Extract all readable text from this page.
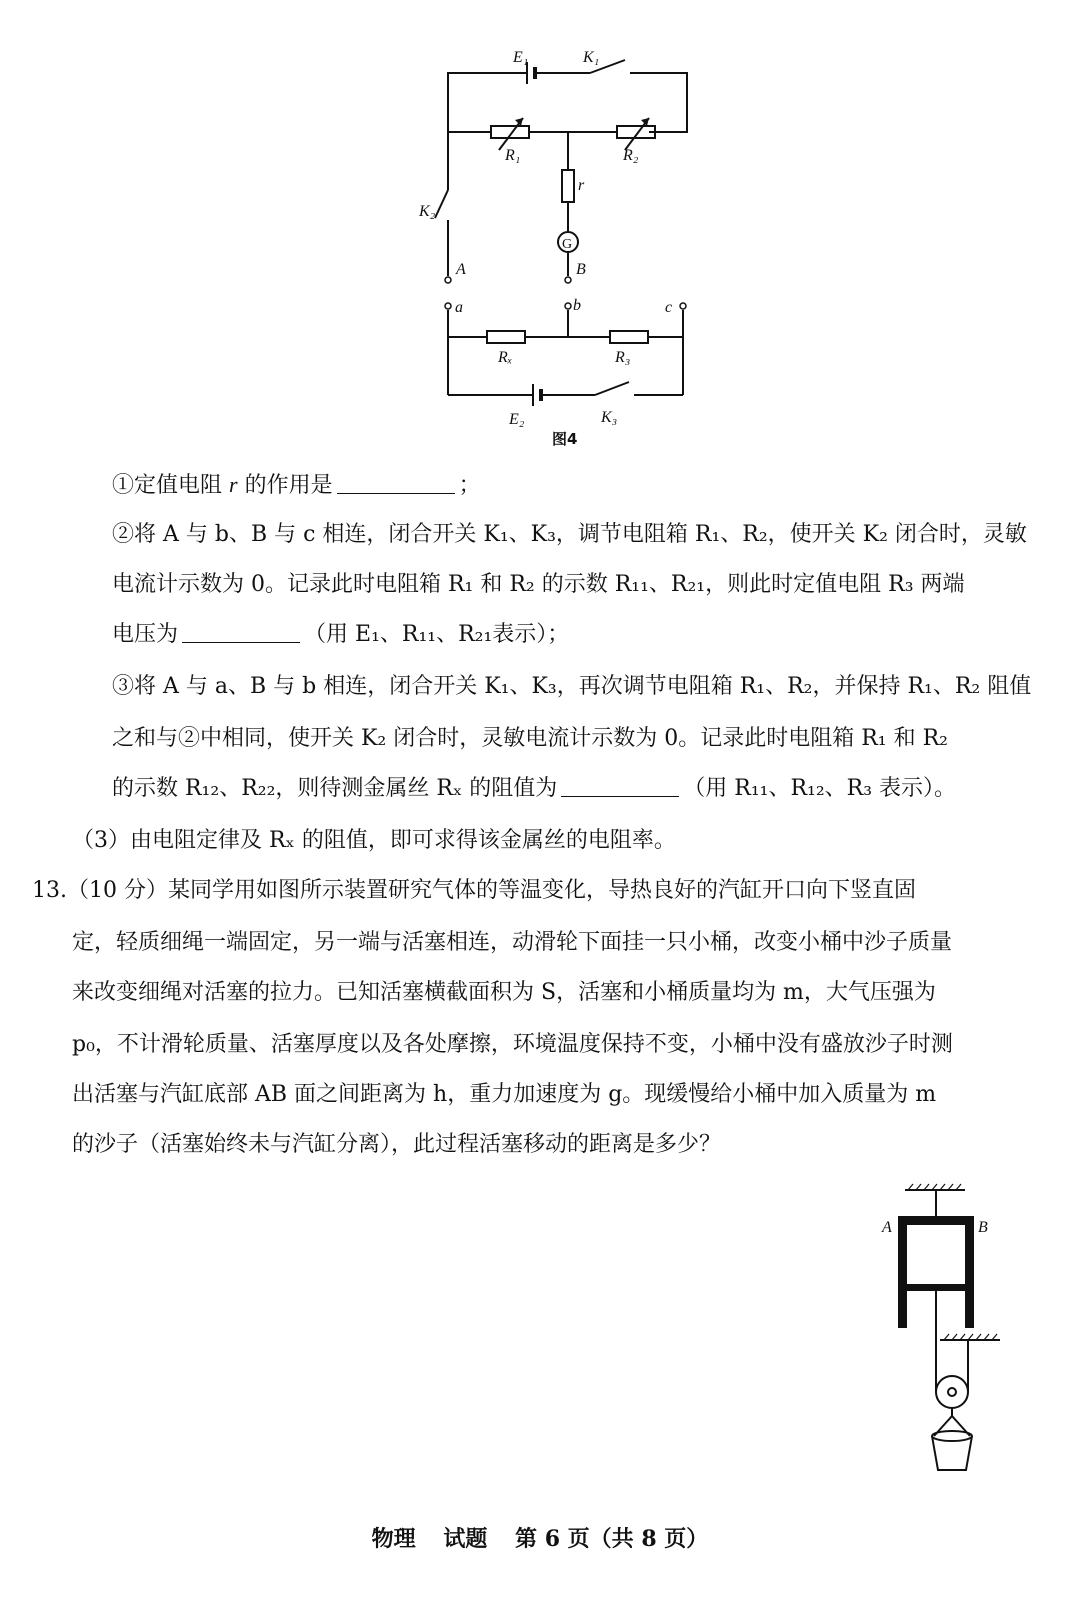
E₁	K₁
R₁	R₂
r
G
K₂
A	B
a	b	c
Rₓ	R₃
E₂	K₃
图4
①定值电阻 r 的作用是	；
②将 A 与 b、B 与 c 相连，闭合开关 K₁、K₃，调节电阻箱 R₁、R₂，使开关 K₂ 闭合时，灵敏
电流计示数为 0。记录此时电阻箱 R₁ 和 R₂ 的示数 R₁₁、R₂₁，则此时定值电阻 R₃ 两端
电压为	（用 E₁、R₁₁、R₂₁表示）；
③将 A 与 a、B 与 b 相连，闭合开关 K₁、K₃，再次调节电阻箱 R₁、R₂，并保持 R₁、R₂ 阻值
之和与②中相同，使开关 K₂ 闭合时，灵敏电流计示数为 0。记录此时电阻箱 R₁ 和 R₂
的示数 R₁₂、R₂₂，则待测金属丝 Rₓ 的阻值为	（用 R₁₁、R₁₂、R₃ 表示）。
（3）由电阻定律及 Rₓ 的阻值，即可求得该金属丝的电阻率。
13.（10 分）某同学用如图所示装置研究气体的等温变化，导热良好的汽缸开口向下竖直固
定，轻质细绳一端固定，另一端与活塞相连，动滑轮下面挂一只小桶，改变小桶中沙子质量
来改变细绳对活塞的拉力。已知活塞横截面积为 S，活塞和小桶质量均为 m，大气压强为
p₀，不计滑轮质量、活塞厚度以及各处摩擦，环境温度保持不变，小桶中没有盛放沙子时测
出活塞与汽缸底部 AB 面之间距离为 h，重力加速度为 g。现缓慢给小桶中加入质量为 m
的沙子（活塞始终未与汽缸分离），此过程活塞移动的距离是多少？
A	B
物理 试题 第 6 页（共 8 页）
